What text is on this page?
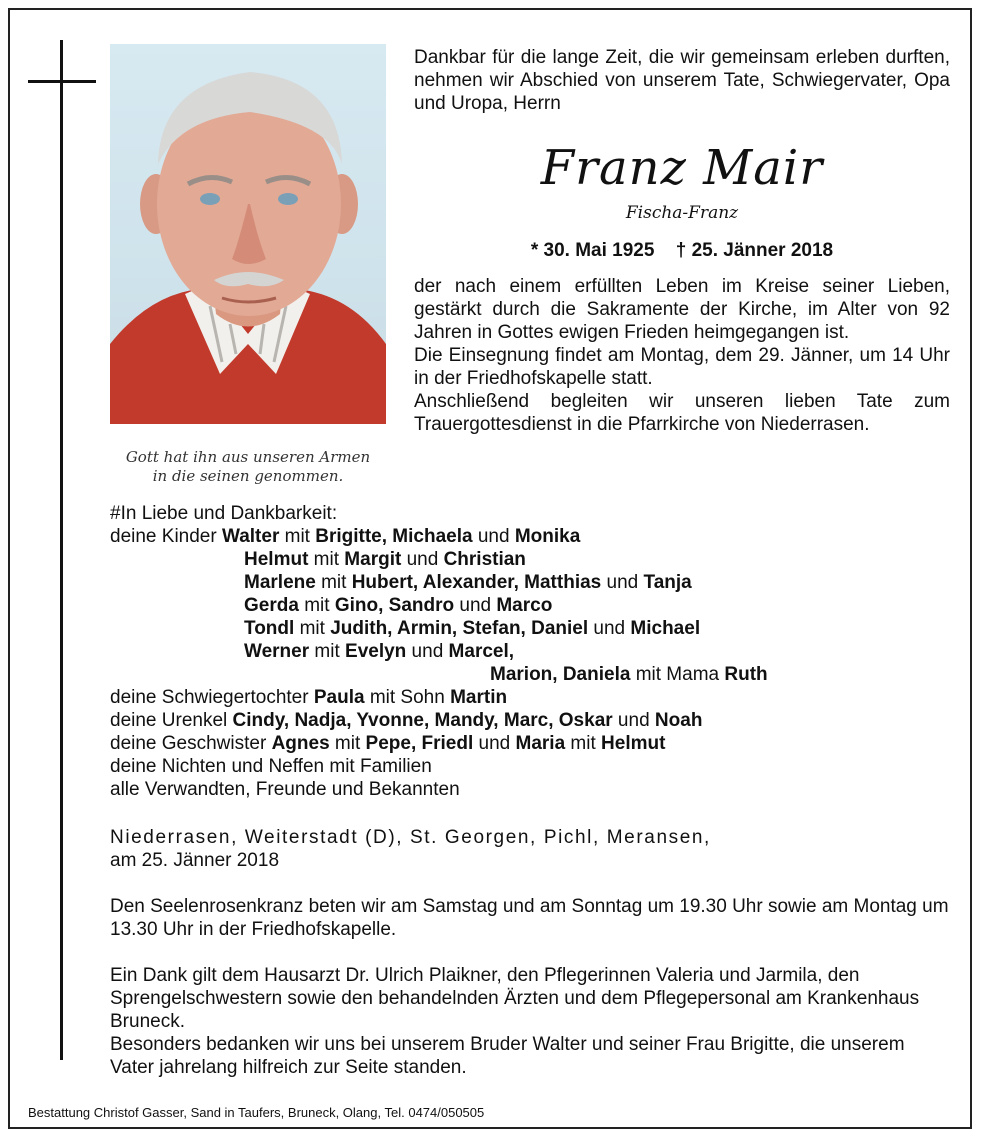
Gott hat ihn aus unseren Armen
in die seinen genommen.
Dankbar für die lange Zeit, die wir gemeinsam erleben durften, nehmen wir Abschied von unserem Tate, Schwiegervater, Opa und Uropa, Herrn
Franz Mair
Fischa-Franz
* 30. Mai 1925 † 25. Jänner 2018

der nach einem erfüllten Leben im Kreise seiner Lieben, gestärkt durch die Sakramente der Kirche, im Alter von 92 Jahren in Gottes ewigen Frieden heimgegangen ist.

Die Einsegnung findet am Montag, dem 29. Jänner, um 14 Uhr in der Friedhofskapelle statt.

Anschließend begleiten wir unseren lieben Tate zum Trauergottesdienst in die Pfarrkirche von Niederrasen.

#In Liebe und Dankbarkeit:
deine Kinder Walter mit Brigitte, Michaela und Monika
Helmut mit Margit und Christian
Marlene mit Hubert, Alexander, Matthias und Tanja
Gerda mit Gino, Sandro und Marco
Tondl mit Judith, Armin, Stefan, Daniel und Michael
Werner mit Evelyn und Marcel,
Marion, Daniela mit Mama Ruth
deine Schwiegertochter Paula mit Sohn Martin
deine Urenkel Cindy, Nadja, Yvonne, Mandy, Marc, Oskar und Noah
deine Geschwister Agnes mit Pepe, Friedl und Maria mit Helmut
deine Nichten und Neffen mit Familien
alle Verwandten, Freunde und Bekannten
Niederrasen, Weiterstadt (D), St. Georgen, Pichl, Meransen,
am 25. Jänner 2018

Den Seelenrosenkranz beten wir am Samstag und am Sonntag um 19.30 Uhr sowie am Montag um 13.30 Uhr in der Friedhofskapelle.

Ein Dank gilt dem Hausarzt Dr. Ulrich Plaikner, den Pflegerinnen Valeria und Jarmila, den Sprengelschwestern sowie den behandelnden Ärzten und dem Pflegepersonal am Krankenhaus Bruneck.

Besonders bedanken wir uns bei unserem Bruder Walter und seiner Frau Brigitte, die unserem Vater jahrelang hilfreich zur Seite standen.

Bestattung Christof Gasser, Sand in Taufers, Bruneck, Olang, Tel. 0474/050505
